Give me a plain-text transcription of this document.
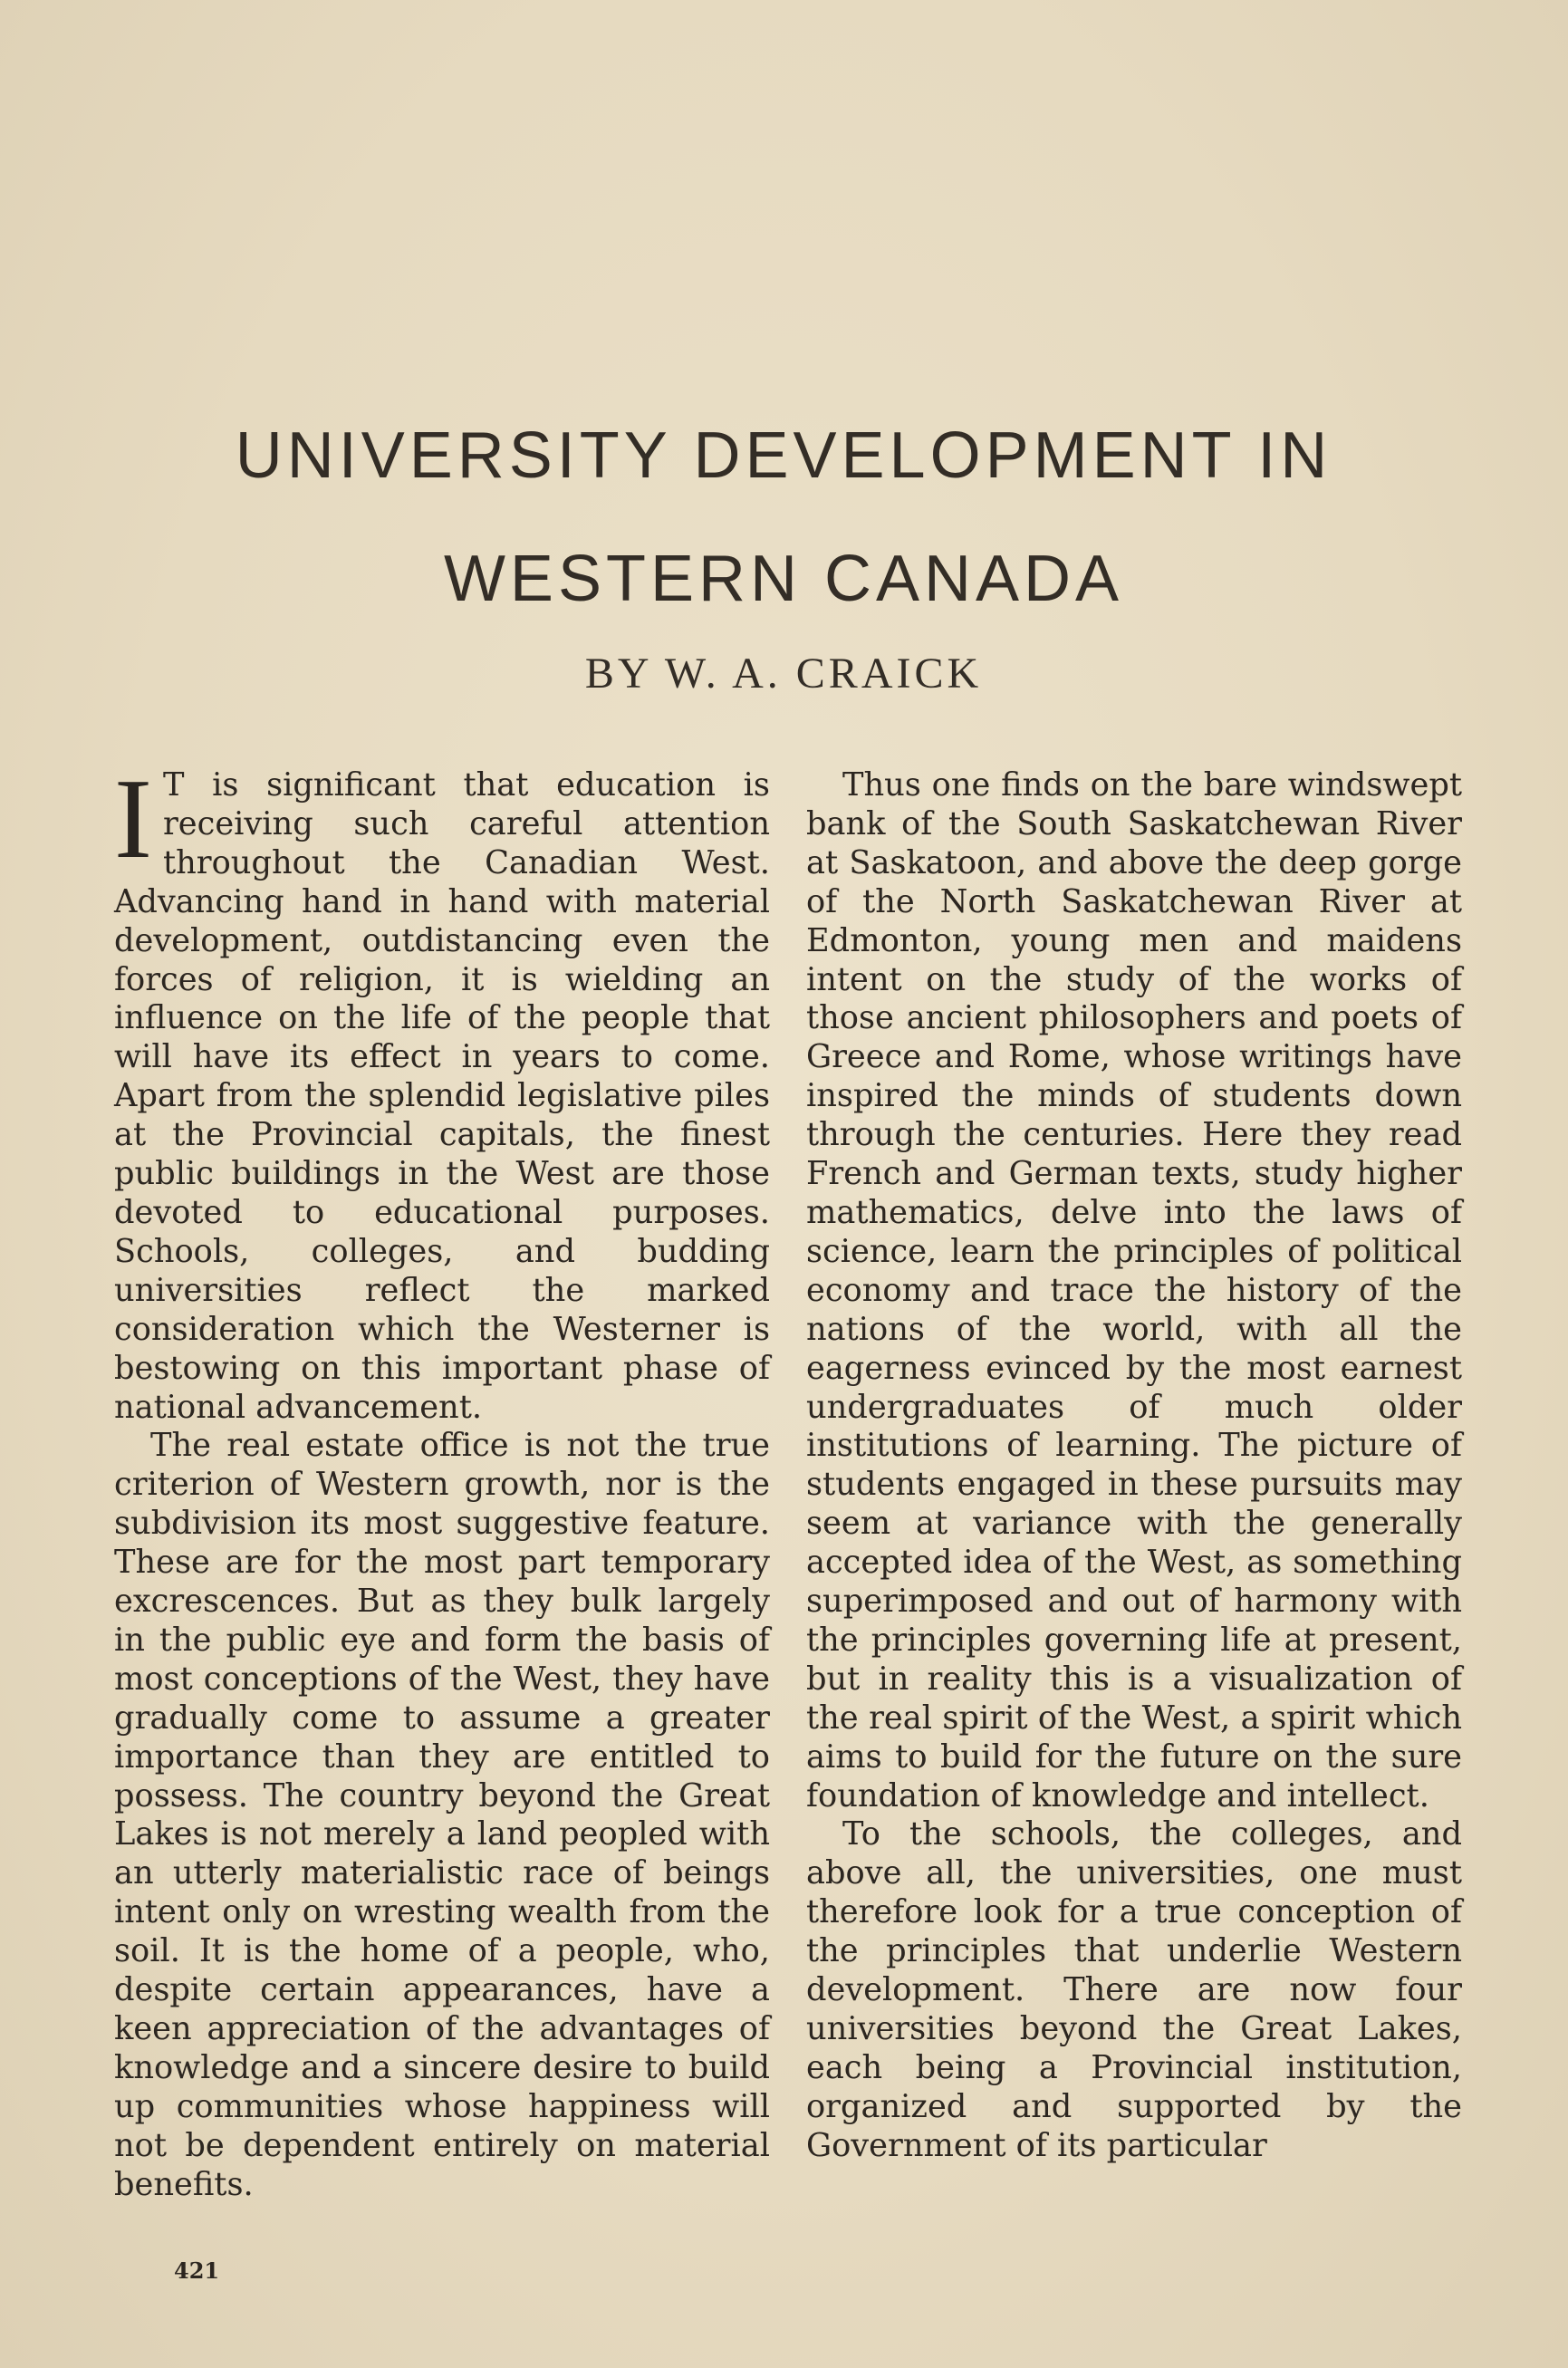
UNIVERSITY DEVELOPMENT IN
WESTERN CANADA
BY W. A. CRAICK

I T is significant that education is receiving such careful attention throughout the Canadian West. Advancing hand in hand with material development, outdistancing even the forces of religion, it is wielding an influence on the life of the people that will have its effect in years to come. Apart from the splendid legislative piles at the Provincial capitals, the finest public buildings in the West are those devoted to educational purposes. Schools, colleges, and budding universities reflect the marked consideration which the Westerner is bestowing on this important phase of national advancement.

The real estate office is not the true criterion of Western growth, nor is the subdivision its most suggestive feature. These are for the most part temporary excrescences. But as they bulk largely in the public eye and form the basis of most conceptions of the West, they have gradually come to assume a greater importance than they are entitled to possess. The country beyond the Great Lakes is not merely a land peopled with an utterly materialistic race of beings intent only on wresting wealth from the soil. It is the home of a people, who, despite certain appearances, have a keen appreciation of the advantages of knowledge and a sincere desire to build up communities whose happiness will not be dependent entirely on material benefits.

Thus one finds on the bare windswept bank of the South Saskatchewan River at Saskatoon, and above the deep gorge of the North Saskatchewan River at Edmonton, young men and maidens intent on the study of the works of those ancient philosophers and poets of Greece and Rome, whose writings have inspired the minds of students down through the centuries. Here they read French and German texts, study higher mathematics, delve into the laws of science, learn the principles of political economy and trace the history of the nations of the world, with all the eagerness evinced by the most earnest undergraduates of much older institutions of learning. The picture of students engaged in these pursuits may seem at variance with the generally accepted idea of the West, as something superimposed and out of harmony with the principles governing life at present, but in reality this is a visualization of the real spirit of the West, a spirit which aims to build for the future on the sure foundation of knowledge and intellect.

To the schools, the colleges, and above all, the universities, one must therefore look for a true conception of the principles that underlie Western development. There are now four universities beyond the Great Lakes, each being a Provincial institution, organized and supported by the Government of its particular

421
